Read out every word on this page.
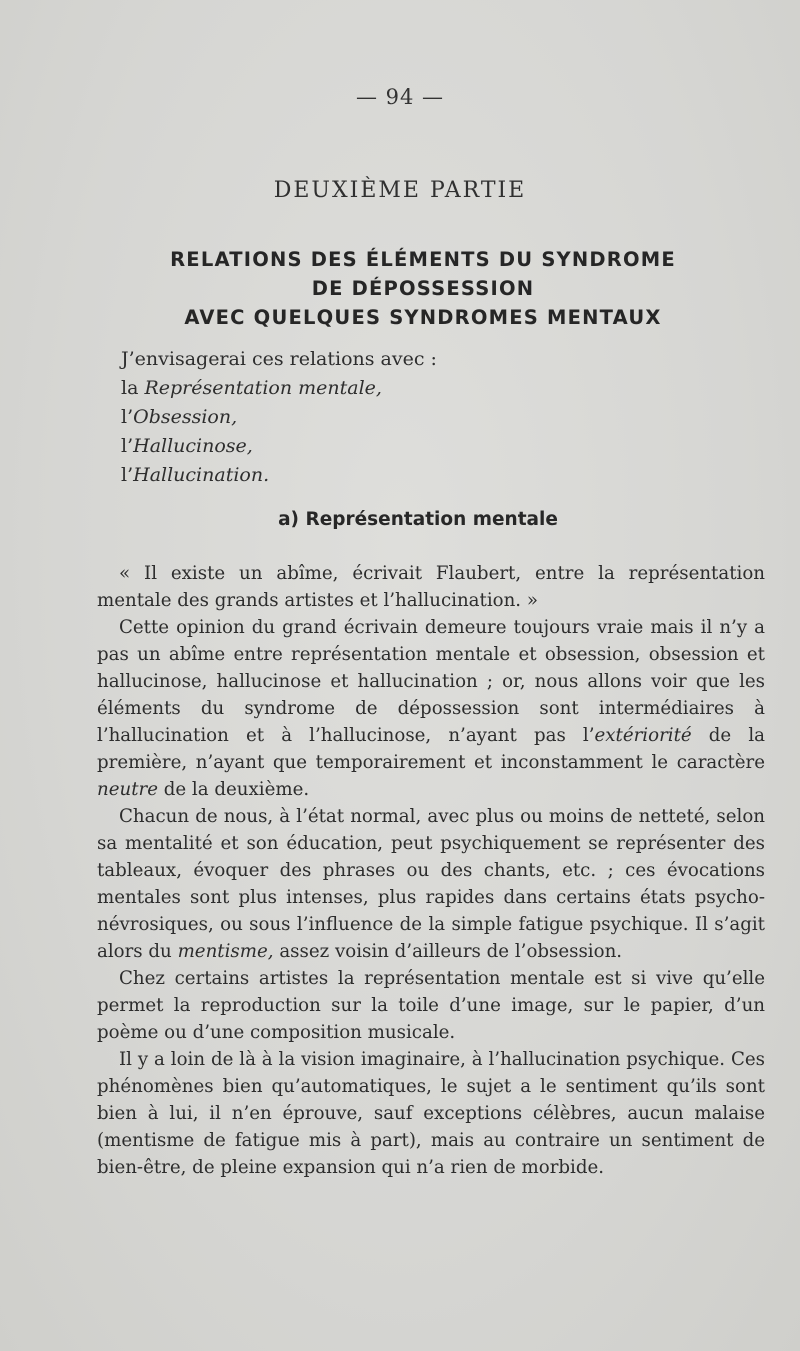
— 94 —
DEUXIÈME PARTIE
RELATIONS DES ÉLÉMENTS DU SYNDROME
DE DÉPOSSESSION
AVEC QUELQUES SYNDROMES MENTAUX
J’envisagerai ces relations avec :
la Représentation mentale,
l’Obsession,
l’Hallucinose,
l’Hallucination.
a) Représentation mentale

« Il existe un abîme, écrivait Flaubert, entre la représentation mentale des grands artistes et l’hallucination. »

Cette opinion du grand écrivain demeure toujours vraie mais il n’y a pas un abîme entre représentation mentale et obsession, obsession et hallucinose, hallucinose et hallucination ; or, nous allons voir que les éléments du syndrome de dépossession sont intermédiaires à l’hallucination et à l’hallucinose, n’ayant pas l’extériorité de la première, n’ayant que temporairement et inconstamment le caractère neutre de la deuxième.

Chacun de nous, à l’état normal, avec plus ou moins de netteté, selon sa mentalité et son éducation, peut psychiquement se représenter des tableaux, évoquer des phrases ou des chants, etc. ; ces évocations mentales sont plus intenses, plus rapides dans certains états psycho-névrosiques, ou sous l’influence de la simple fatigue psychique. Il s’agit alors du mentisme, assez voisin d’ailleurs de l’obsession.

Chez certains artistes la représentation mentale est si vive qu’elle permet la reproduction sur la toile d’une image, sur le papier, d’un poème ou d’une composition musicale.

Il y a loin de là à la vision imaginaire, à l’hallucination psychique. Ces phénomènes bien qu’automatiques, le sujet a le sentiment qu’ils sont bien à lui, il n’en éprouve, sauf exceptions célèbres, aucun malaise (mentisme de fatigue mis à part), mais au contraire un sentiment de bien-être, de pleine expansion qui n’a rien de morbide.
